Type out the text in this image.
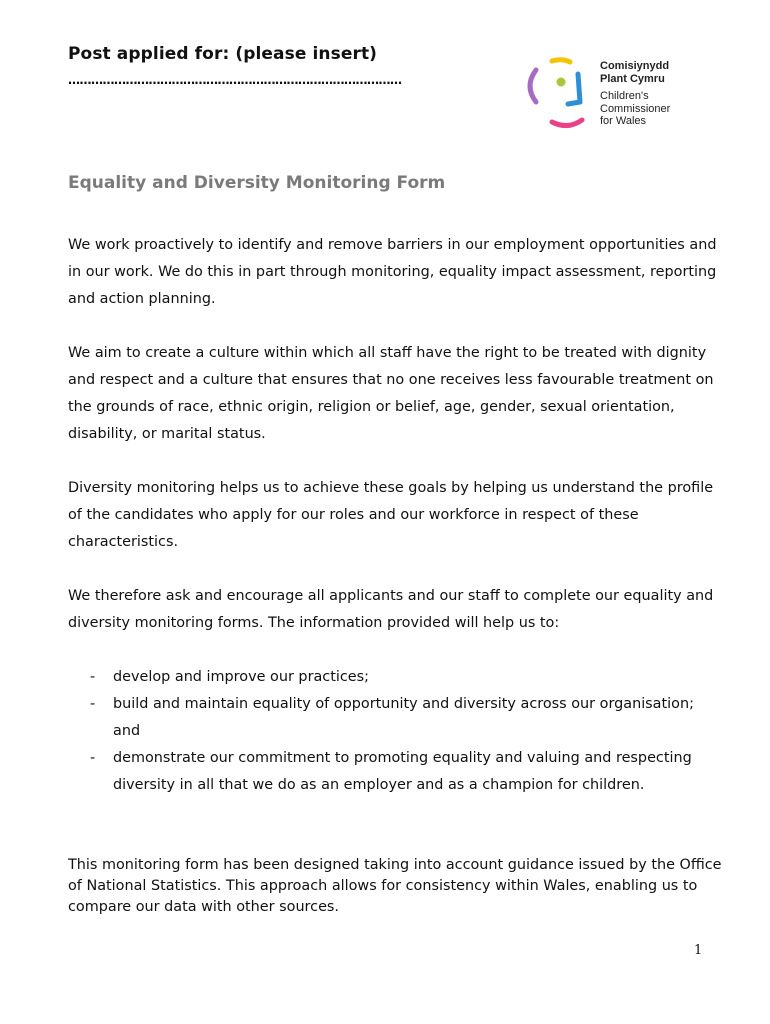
Post applied for: (please insert)
……………………………………………………………………………
Comisiynydd
Plant Cymru
Children's
Commissioner
for Wales
Equality and Diversity Monitoring Form

We work proactively to identify and remove barriers in our employment opportunities and in our work. We do this in part through monitoring, equality impact assessment, reporting and action planning.

We aim to create a culture within which all staff have the right to be treated with dignity and respect and a culture that ensures that no one receives less favourable treatment on the grounds of race, ethnic origin, religion or belief, age, gender, sexual orientation, disability, or marital status.

Diversity monitoring helps us to achieve these goals by helping us understand the profile of the candidates who apply for our roles and our workforce in respect of these characteristics.

We therefore ask and encourage all applicants and our staff to complete our equality and diversity monitoring forms. The information provided will help us to:

- develop and improve our practices;
- build and maintain equality of opportunity and diversity across our organisation; and
- demonstrate our commitment to promoting equality and valuing and respecting diversity in all that we do as an employer and as a champion for children.

This monitoring form has been designed taking into account guidance issued by the Office of National Statistics. This approach allows for consistency within Wales, enabling us to compare our data with other sources.

1
